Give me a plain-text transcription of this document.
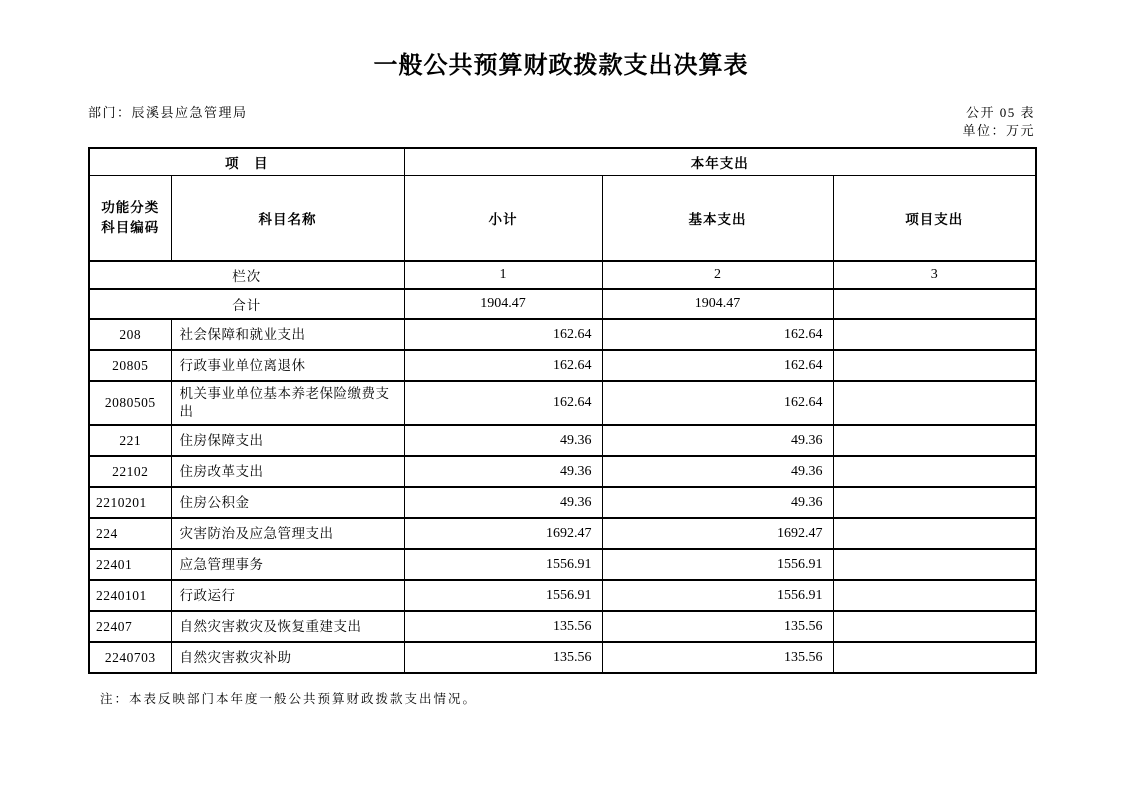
一般公共预算财政拨款支出决算表
部门：辰溪县应急管理局	公开 05 表
单位：万元
项　目		本年支出		

功能分类
科目编码	科目名称	小计	基本支出	项目支出
栏次		1	2	3
合计		1904.47	1904.47	
208	社会保障和就业支出	162.64	162.64	
20805	行政事业单位离退休	162.64	162.64	
2080505	机关事业单位基本养老保险缴费支出	162.64	162.64	
221	住房保障支出	49.36	49.36	
22102	住房改革支出	49.36	49.36	
2210201	住房公积金	49.36	49.36	
224	灾害防治及应急管理支出	1692.47	1692.47	
22401	应急管理事务	1556.91	1556.91	
2240101	行政运行	1556.91	1556.91	
22407	自然灾害救灾及恢复重建支出	135.56	135.56	
2240703	自然灾害救灾补助	135.56	135.56	

注：本表反映部门本年度一般公共预算财政拨款支出情况。
